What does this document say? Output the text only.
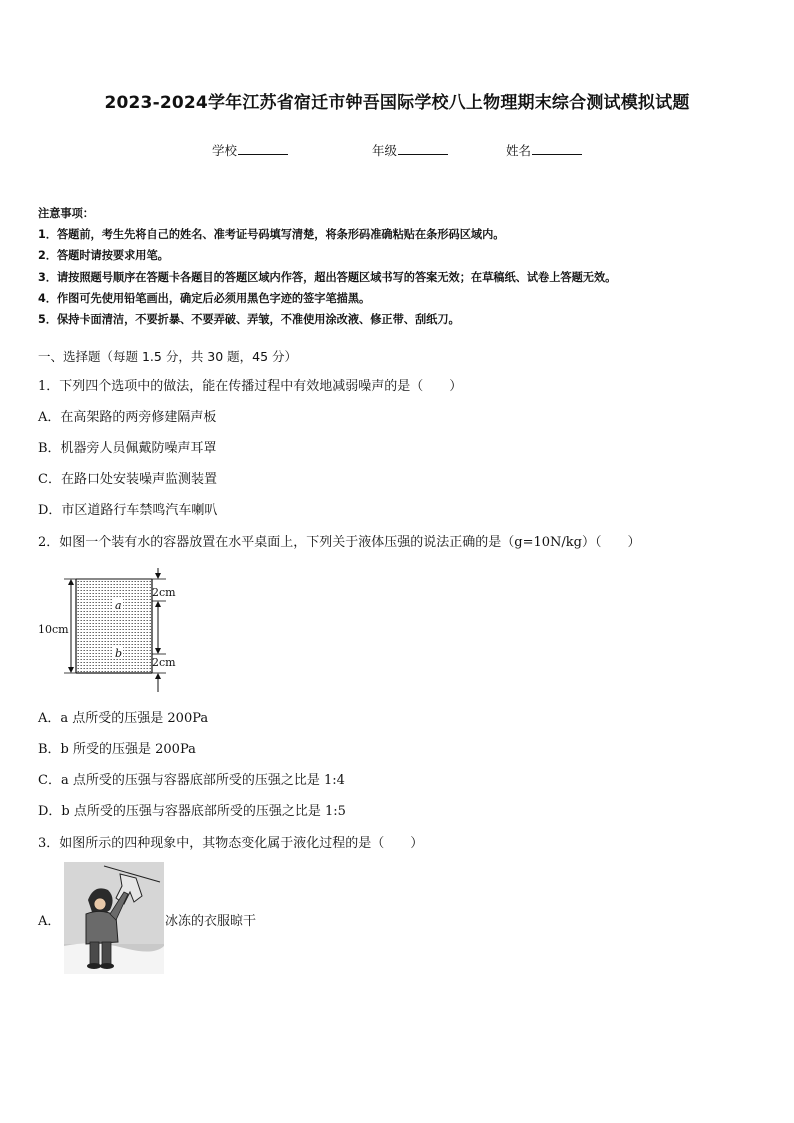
2023-2024学年江苏省宿迁市钟吾国际学校八上物理期末综合测试模拟试题
学校	年级	姓名
注意事项：
1．答题前，考生先将自己的姓名、准考证号码填写清楚，将条形码准确粘贴在条形码区域内。
2．答题时请按要求用笔。
3．请按照题号顺序在答题卡各题目的答题区域内作答，超出答题区域书写的答案无效；在草稿纸、试卷上答题无效。
4．作图可先使用铅笔画出，确定后必须用黑色字迹的签字笔描黑。
5．保持卡面清洁，不要折暴、不要弄破、弄皱，不准使用涂改液、修正带、刮纸刀。
一、选择题（每题 1.5 分，共 30 题，45 分）
1．下列四个选项中的做法，能在传播过程中有效地减弱噪声的是（　　）
A．在高架路的两旁修建隔声板
B．机器旁人员佩戴防噪声耳罩
C．在路口处安装噪声监测装置
D．市区道路行车禁鸣汽车喇叭
2．如图一个装有水的容器放置在水平桌面上，下列关于液体压强的说法正确的是（g=10N/kg）（　　）
10cm
2cm
2cm
a
b
A．a 点所受的压强是 200Pa
B．b 所受的压强是 200Pa
C．a 点所受的压强与容器底部所受的压强之比是 1:4
D．b 点所受的压强与容器底部所受的压强之比是 1:5
3．如图所示的四种现象中，其物态变化属于液化过程的是（　　）
A．	冰冻的衣服晾干
